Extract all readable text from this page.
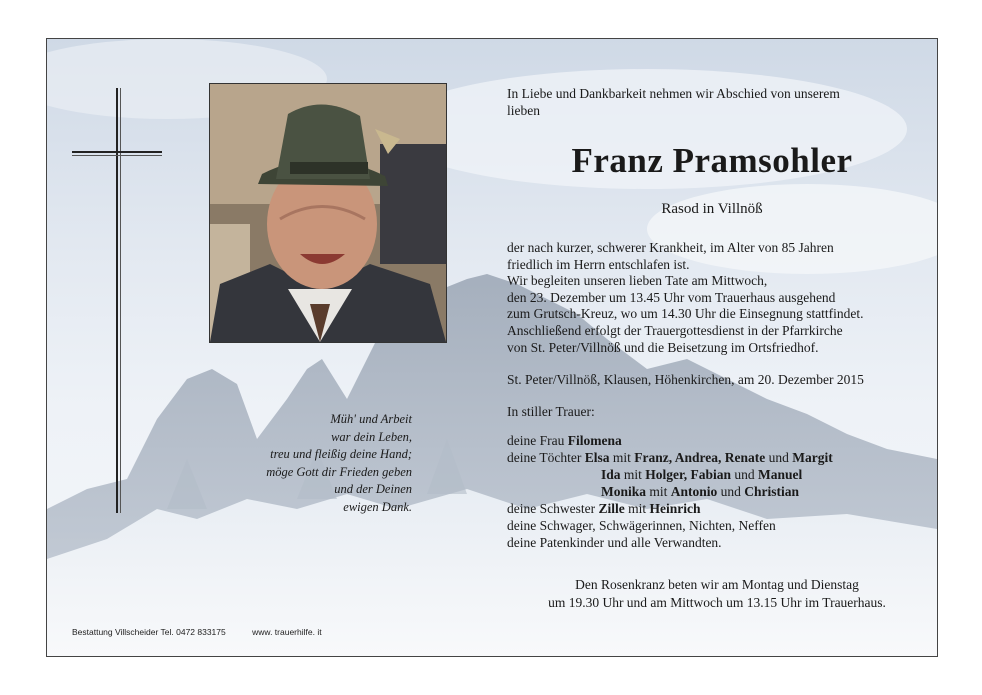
Müh' und Arbeit
war dein Leben,
treu und fleißig deine Hand;
möge Gott dir Frieden geben
und der Deinen
ewigen Dank.
In Liebe und Dankbarkeit nehmen wir Abschied von unserem
lieben
Franz Pramsohler
Rasod in Villnöß
der nach kurzer, schwerer Krankheit, im Alter von 85 Jahren
friedlich im Herrn entschlafen ist.
Wir begleiten unseren lieben Tate am Mittwoch,
den 23. Dezember um 13.45 Uhr vom Trauerhaus ausgehend
zum Grutsch-Kreuz, wo um 14.30 Uhr die Einsegnung stattfindet.
Anschließend erfolgt der Trauergottesdienst in der Pfarrkirche
von St. Peter/Villnöß und die Beisetzung im Ortsfriedhof.
St. Peter/Villnöß, Klausen, Höhenkirchen, am 20. Dezember 2015
In stiller Trauer:
deine Frau Filomena
deine Töchter Elsa mit Franz, Andrea, Renate und Margit
Ida mit Holger, Fabian und Manuel
Monika mit Antonio und Christian
deine Schwester Zille mit Heinrich
deine Schwager, Schwägerinnen, Nichten, Neffen
deine Patenkinder und alle Verwandten.
Den Rosenkranz beten wir am Montag und Dienstag
um 19.30 Uhr und am Mittwoch um 13.15 Uhr im Trauerhaus.
Bestattung Villscheider Tel. 0472 833175	www. trauerhilfe. it
